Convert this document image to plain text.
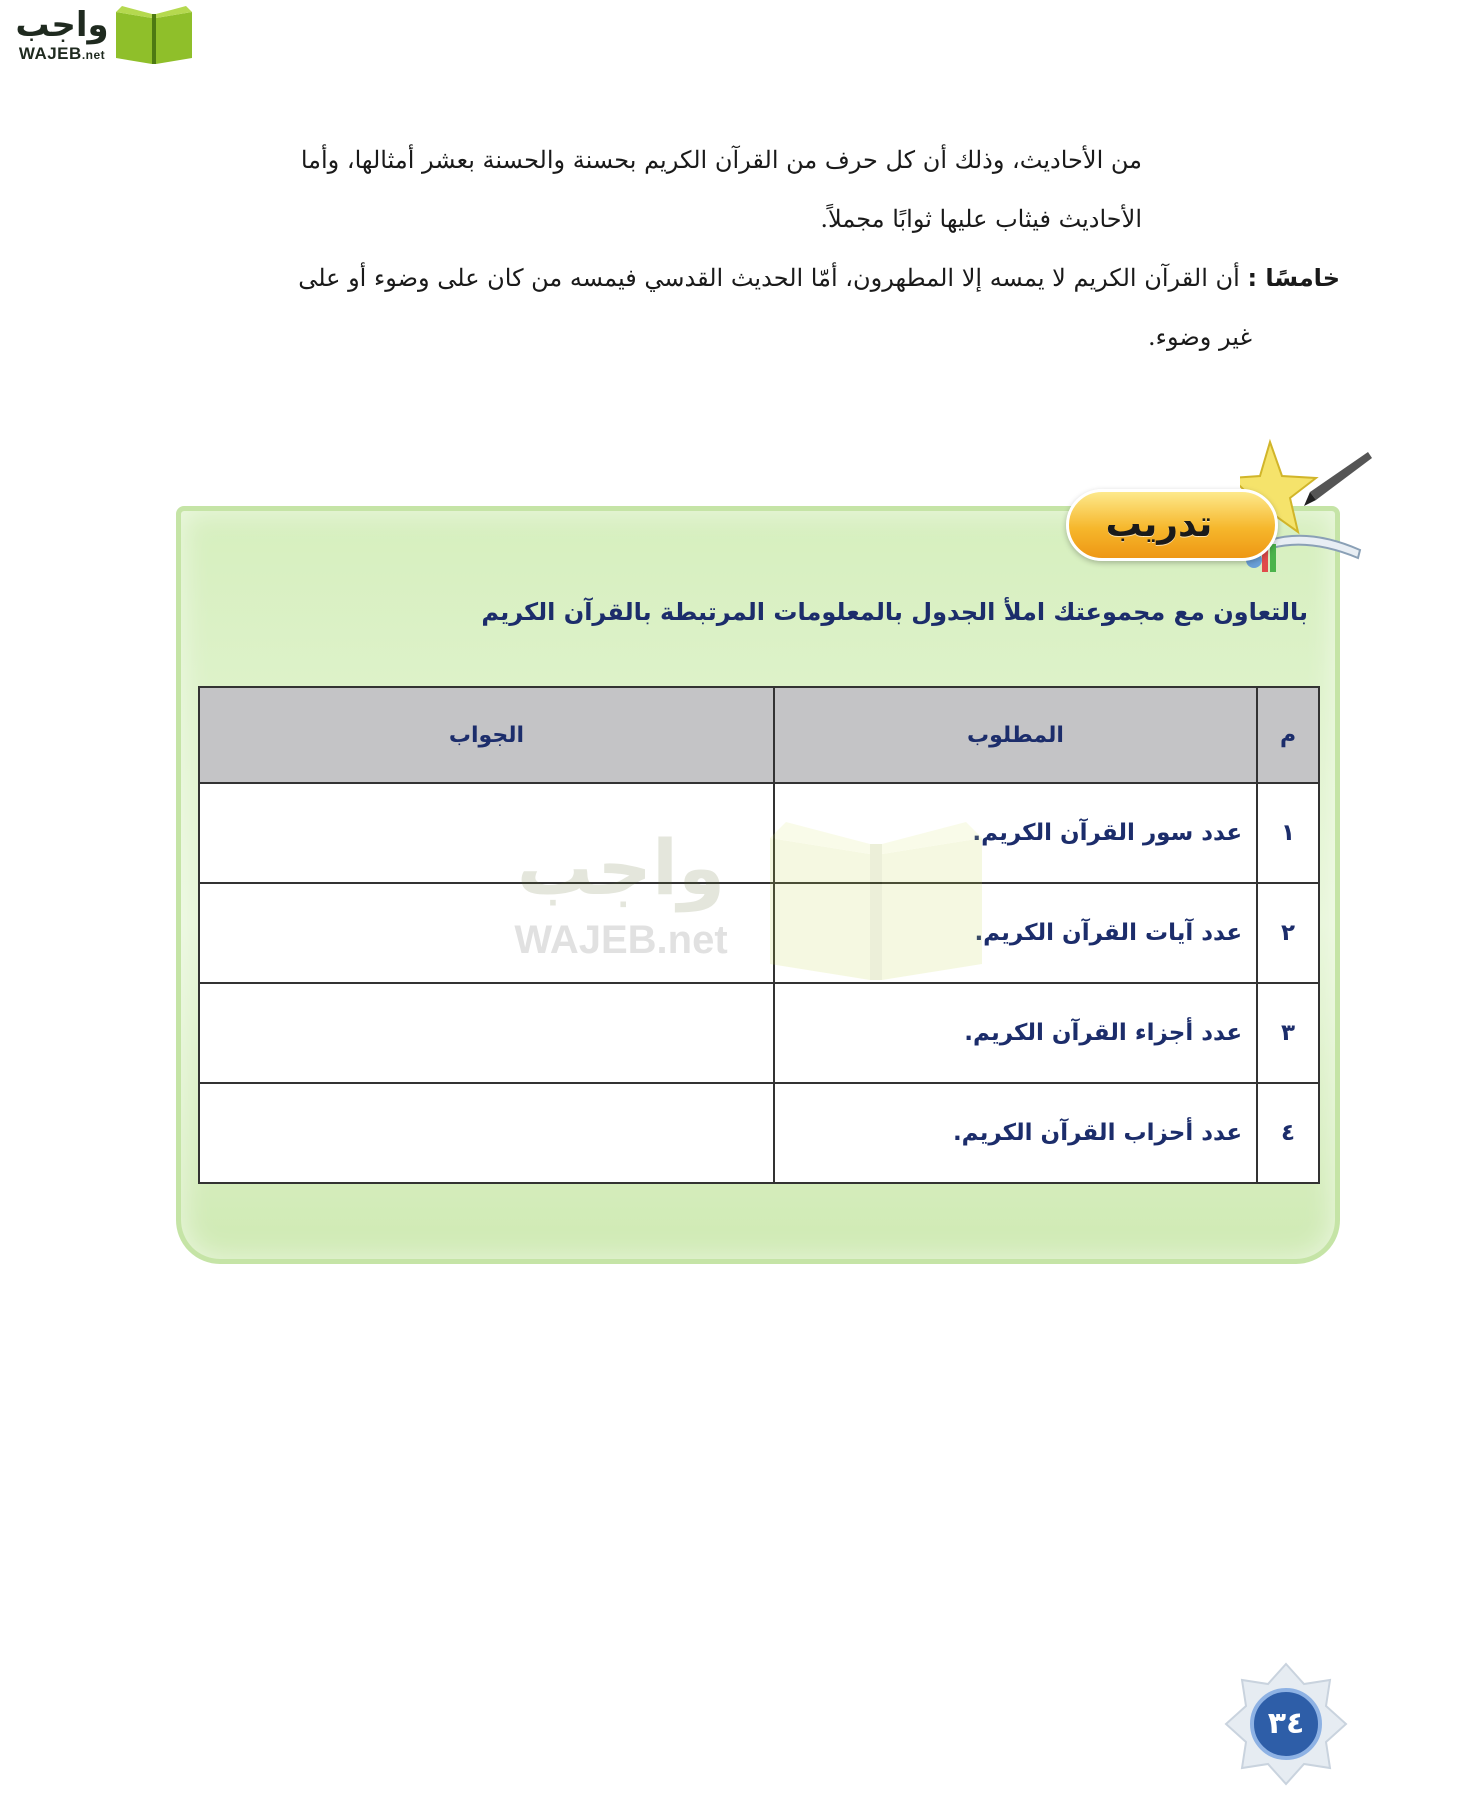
واجب
WAJEB.net
من الأحاديث، وذلك أن كل حرف من القرآن الكريم بحسنة والحسنة بعشر أمثالها، وأما
الأحاديث فيثاب عليها ثوابًا مجملاً.
خامسًا : أن القرآن الكريم لا يمسه إلا المطهرون، أمّا الحديث القدسي فيمسه من كان على وضوء أو على
غير وضوء.
تدريب
بالتعاون مع مجموعتك املأ الجدول بالمعلومات المرتبطة بالقرآن الكريم
م	المطلوب	الجواب
١	عدد سور القرآن الكريم.	
٢	عدد آيات القرآن الكريم.	
٣	عدد أجزاء القرآن الكريم.	
٤	عدد أحزاب القرآن الكريم.	
٣٤
